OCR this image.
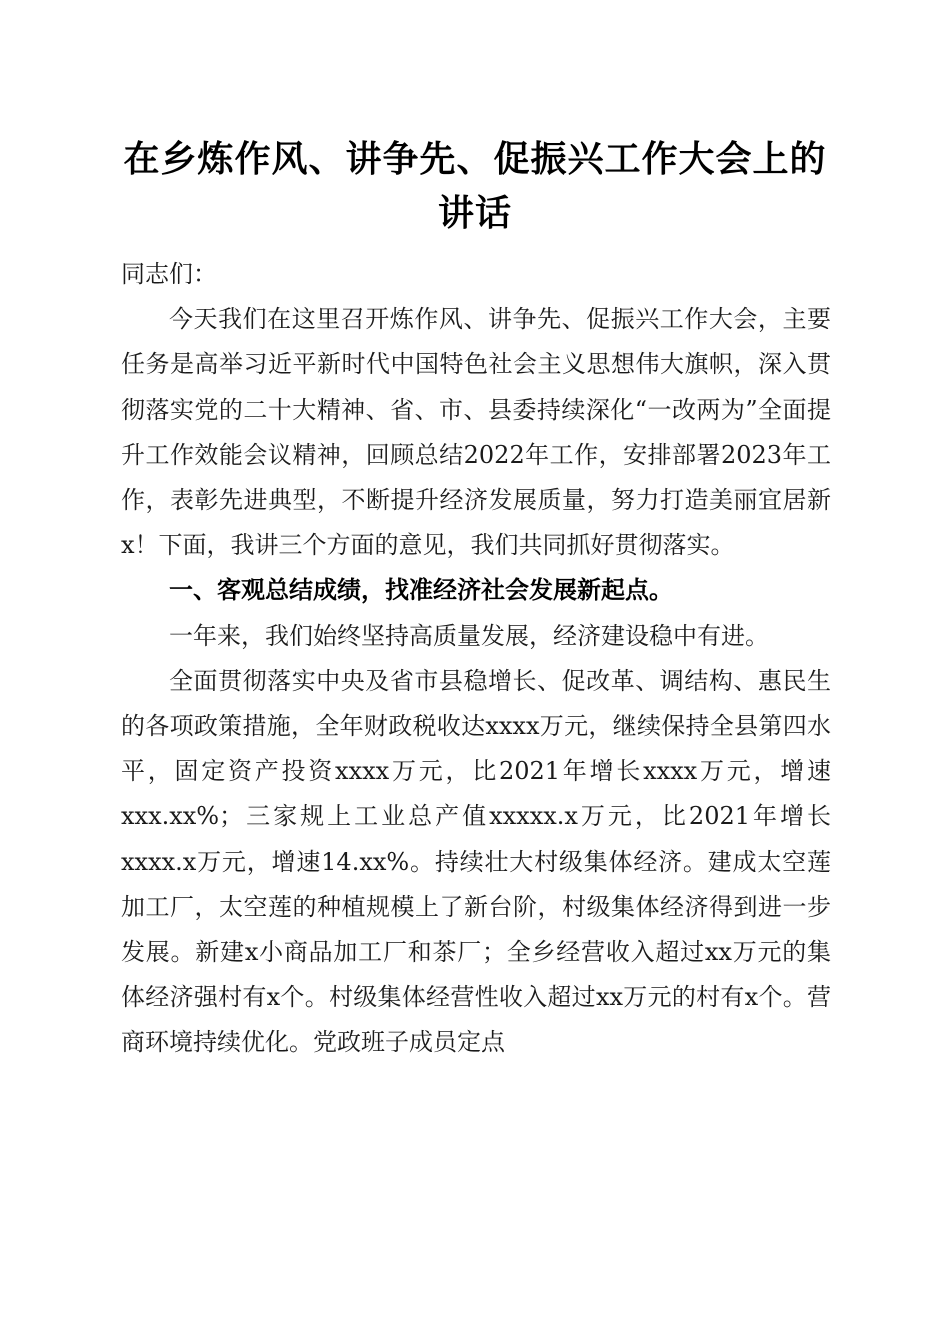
在乡炼作风、讲争先、促振兴工作大会上的讲话

同志们：

今天我们在这里召开炼作风、讲争先、促振兴工作大会，主要任务是高举习近平新时代中国特色社会主义思想伟大旗帜，深入贯彻落实党的二十大精神、省、市、县委持续深化“一改两为”全面提升工作效能会议精神，回顾总结2022年工作，安排部署2023年工作，表彰先进典型，不断提升经济发展质量，努力打造美丽宜居新x！下面，我讲三个方面的意见，我们共同抓好贯彻落实。

一、客观总结成绩，找准经济社会发展新起点。

一年来，我们始终坚持高质量发展，经济建设稳中有进。

全面贯彻落实中央及省市县稳增长、促改革、调结构、惠民生的各项政策措施，全年财政税收达xxxx万元，继续保持全县第四水平，固定资产投资xxxx万元，比2021年增长xxxx万元，增速xxx.xx%；三家规上工业总产值xxxxx.x万元，比2021年增长xxxx.x万元，增速14.xx%。持续壮大村级集体经济。建成太空莲加工厂，太空莲的种植规模上了新台阶，村级集体经济得到进一步发展。新建x小商品加工厂和茶厂；全乡经营收入超过xx万元的集体经济强村有x个。村级集体经营性收入超过xx万元的村有x个。营商环境持续优化。党政班子成员定点
